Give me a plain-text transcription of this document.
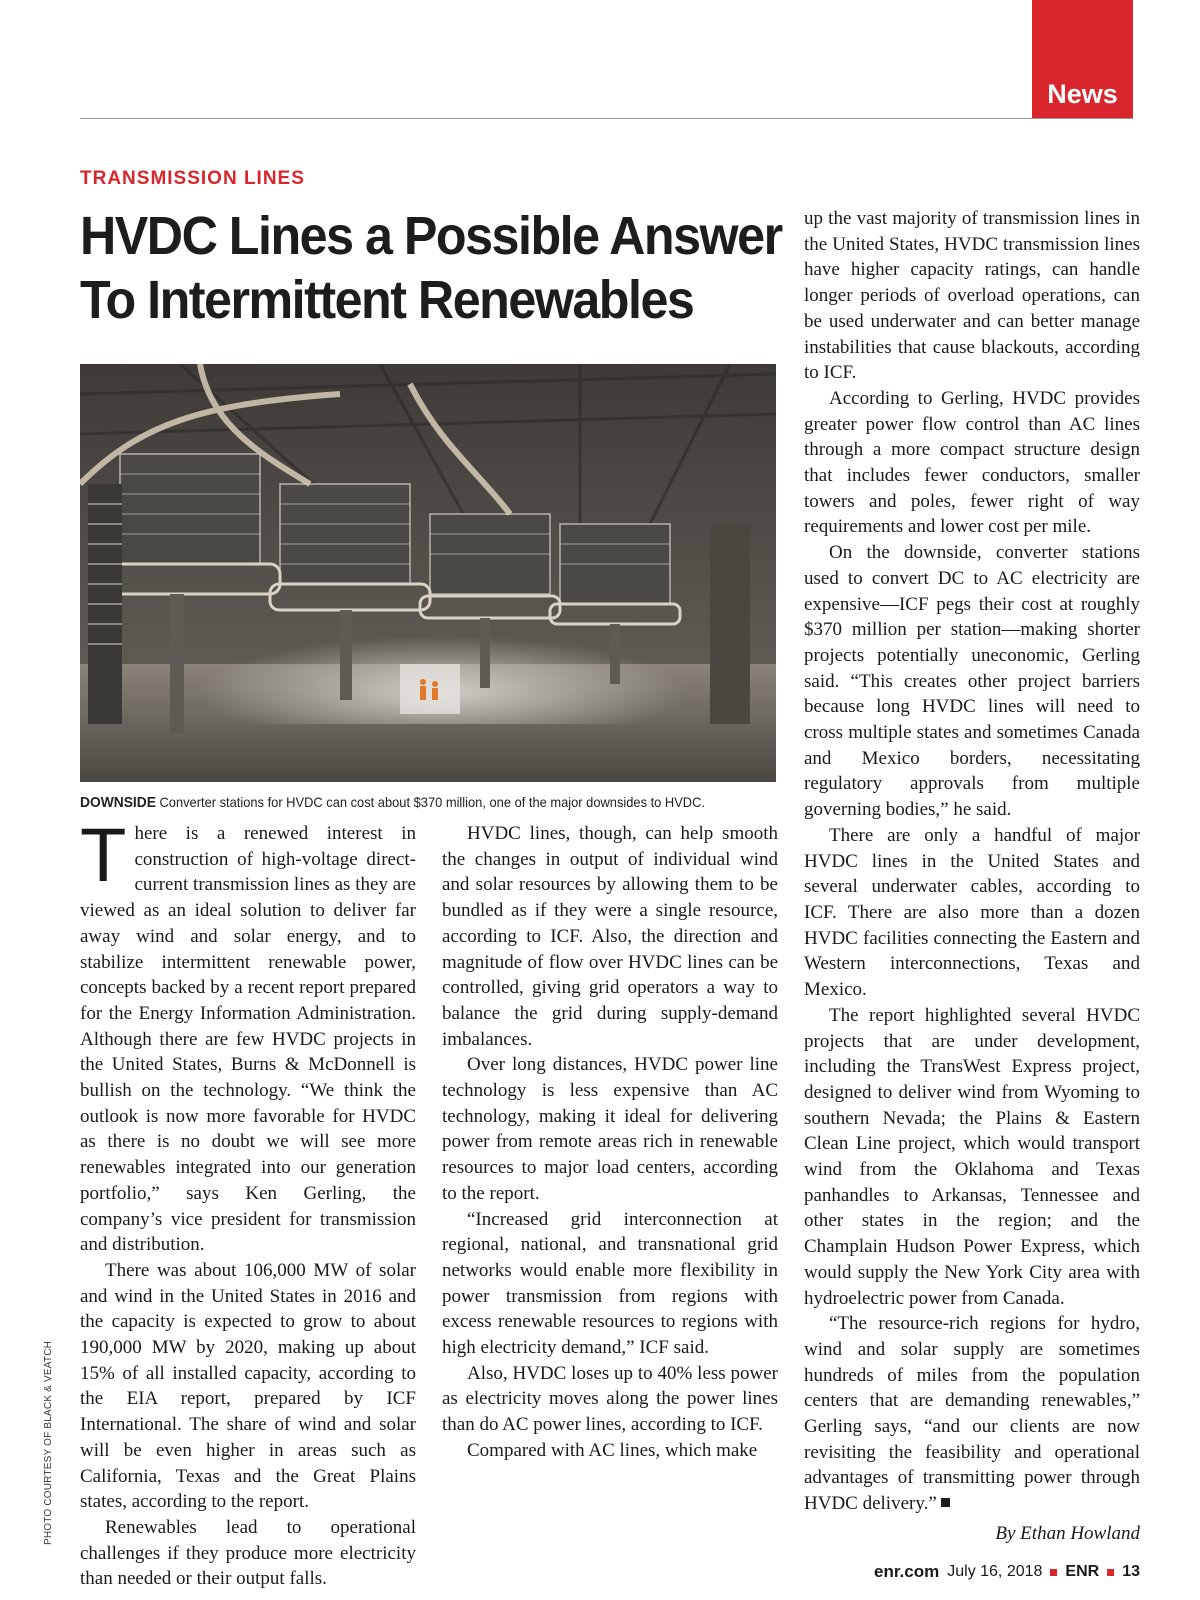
News
TRANSMISSION LINES
HVDC Lines a Possible Answer
To Intermittent Renewables
DOWNSIDE Converter stations for HVDC can cost about $370 million, one of the major downsides to HVDC.
PHOTO COURTESY OF BLACK & VEATCH

There is a renewed interest in construction of high-voltage direct-current transmission lines as they are viewed as an ideal solution to deliver far away wind and solar energy, and to stabilize intermittent renewable power, concepts backed by a recent report prepared for the Energy Information Administration. Although there are few HVDC projects in the United States, Burns & McDonnell is bullish on the technology. “We think the outlook is now more favorable for HVDC as there is no doubt we will see more renewables integrated into our generation portfolio,” says Ken Gerling, the company’s vice president for transmission and distribution.

There was about 106,000 MW of solar and wind in the United States in 2016 and the capacity is expected to grow to about 190,000 MW by 2020, making up about 15% of all installed capacity, according to the EIA report, prepared by ICF International. The share of wind and solar will be even higher in areas such as California, Texas and the Great Plains states, according to the report.

Renewables lead to operational challenges if they produce more electricity than needed or their output falls.

HVDC lines, though, can help smooth the changes in output of individual wind and solar resources by allowing them to be bundled as if they were a single resource, according to ICF. Also, the direction and magnitude of flow over HVDC lines can be controlled, giving grid operators a way to balance the grid during supply-demand imbalances.

Over long distances, HVDC power line technology is less expensive than AC technology, making it ideal for delivering power from remote areas rich in renewable resources to major load centers, according to the report.

“Increased grid interconnection at regional, national, and transnational grid networks would enable more flexibility in power transmission from regions with excess renewable resources to regions with high electricity demand,” ICF said.

Also, HVDC loses up to 40% less power as electricity moves along the power lines than do AC power lines, according to ICF.

Compared with AC lines, which make

up the vast majority of transmission lines in the United States, HVDC transmission lines have higher capacity ratings, can handle longer periods of overload operations, can be used underwater and can better manage instabilities that cause blackouts, according to ICF.

According to Gerling, HVDC provides greater power flow control than AC lines through a more compact structure design that includes fewer conductors, smaller towers and poles, fewer right of way requirements and lower cost per mile.

On the downside, converter stations used to convert DC to AC electricity are expensive—ICF pegs their cost at roughly $370 million per station—making shorter projects potentially uneconomic, Gerling said. “This creates other project barriers because long HVDC lines will need to cross multiple states and sometimes Canada and Mexico borders, necessitating regulatory approvals from multiple governing bodies,” he said.

There are only a handful of major HVDC lines in the United States and several underwater cables, according to ICF. There are also more than a dozen HVDC facilities connecting the Eastern and Western interconnections, Texas and Mexico.

The report highlighted several HVDC projects that are under development, including the TransWest Express project, designed to deliver wind from Wyoming to southern Nevada; the Plains & Eastern Clean Line project, which would transport wind from the Oklahoma and Texas panhandles to Arkansas, Tennessee and other states in the region; and the Champlain Hudson Power Express, which would supply the New York City area with hydroelectric power from Canada.

“The resource-rich regions for hydro, wind and solar supply are sometimes hundreds of miles from the population centers that are demanding renewables,” Gerling says, “and our clients are now revisiting the feasibility and operational advantages of transmitting power through HVDC delivery.”

By Ethan Howland

enr.com July 16, 2018 ENR 13
